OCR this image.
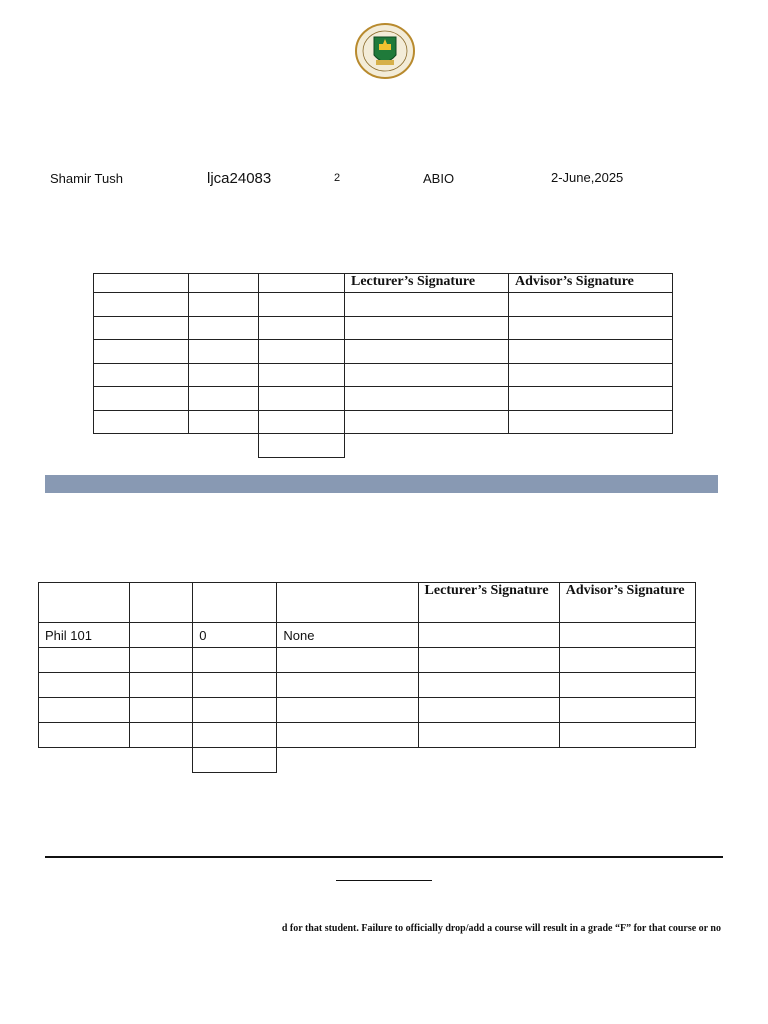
Shamir Tush	ljca24083	2	ABIO	2-June,2025
			Lecturer’s Signature	Advisor’s Signature

				Lecturer’s Signature	Advisor’s Signature
Phil 101		0	None		

d for that student. Failure to officially drop/add a course will result in a grade “F” for that course or no
